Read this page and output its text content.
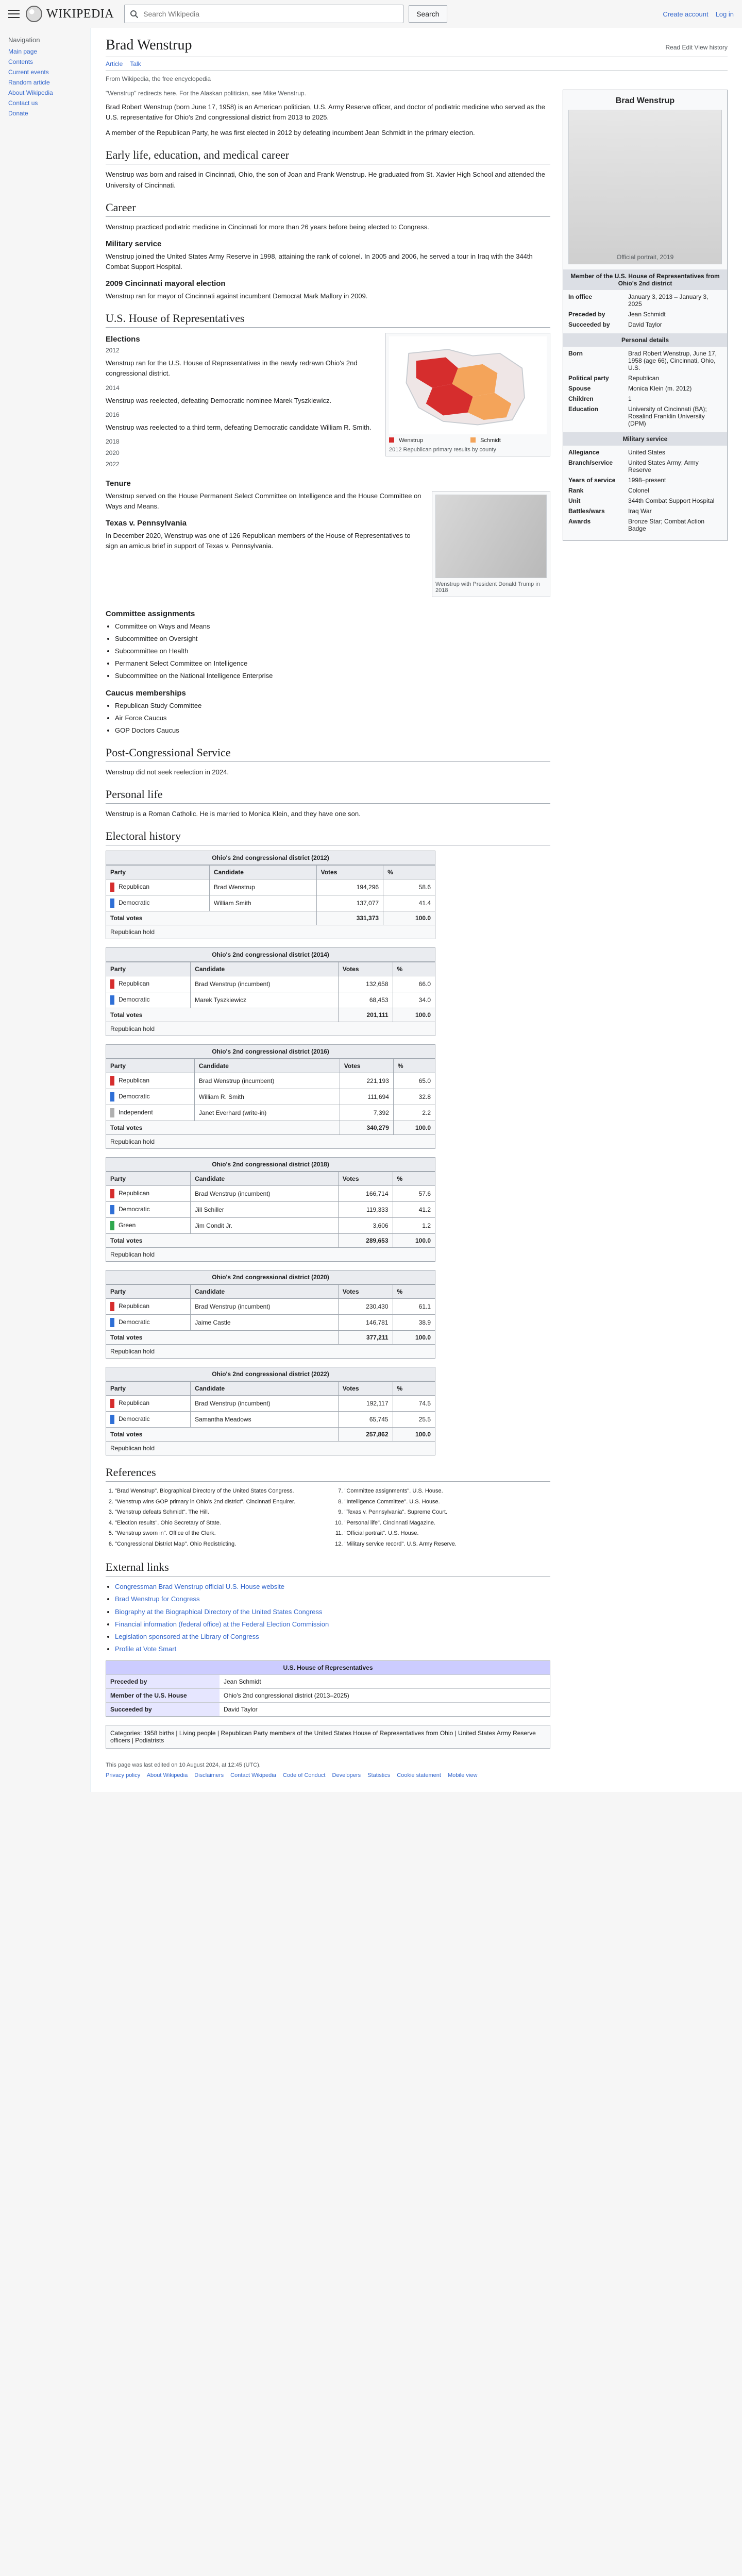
WIKIPEDIA
Search Wikipedia	Search	Create account Log in
Navigation
Main page
Contents
Current events
Random article
About Wikipedia
Contact us
Donate
Brad Wenstrup	Read Edit View history
Article Talk
From Wikipedia, the free encyclopedia
"Wenstrup" redirects here. For the Alaskan politician, see Mike Wenstrup.

Brad Robert Wenstrup (born June 17, 1958) is an American politician, U.S. Army Reserve officer, and doctor of podiatric medicine who served as the U.S. representative for Ohio's 2nd congressional district from 2013 to 2025.

A member of the Republican Party, he was first elected in 2012 by defeating incumbent Jean Schmidt in the primary election.

Early life, education, and medical career

Wenstrup was born and raised in Cincinnati, Ohio, the son of Joan and Frank Wenstrup. He graduated from St. Xavier High School and attended the University of Cincinnati.

Career

Wenstrup practiced podiatric medicine in Cincinnati for more than 26 years before being elected to Congress.

Military service

Wenstrup joined the United States Army Reserve in 1998, attaining the rank of colonel. In 2005 and 2006, he served a tour in Iraq with the 344th Combat Support Hospital.

2009 Cincinnati mayoral election

Wenstrup ran for mayor of Cincinnati against incumbent Democrat Mark Mallory in 2009.

U.S. House of Representatives
Wenstrup	Schmidt
2012 Republican primary results by county
Elections
2012

Wenstrup ran for the U.S. House of Representatives in the newly redrawn Ohio's 2nd congressional district.

2014

Wenstrup was reelected, defeating Democratic nominee Marek Tyszkiewicz.

2016

Wenstrup was reelected to a third term, defeating Democratic candidate William R. Smith.

2018
2020
2022
Tenure
Wenstrup with President Donald Trump in 2018

Wenstrup served on the House Permanent Select Committee on Intelligence and the House Committee on Ways and Means.

Texas v. Pennsylvania

In December 2020, Wenstrup was one of 126 Republican members of the House of Representatives to sign an amicus brief in support of Texas v. Pennsylvania.

Committee assignments
• Committee on Ways and Means
• Subcommittee on Oversight
• Subcommittee on Health
• Permanent Select Committee on Intelligence
• Subcommittee on the National Intelligence Enterprise
Caucus memberships
• Republican Study Committee
• Air Force Caucus
• GOP Doctors Caucus
Post-Congressional Service

Wenstrup did not seek reelection in 2024.

Personal life

Wenstrup is a Roman Catholic. He is married to Monica Klein, and they have one son.

Electoral history
Ohio's 2nd congressional district (2012)
Party	Candidate	Votes	%
Republican	Brad Wenstrup	194,296	58.6
Democratic	William Smith	137,077	41.4
Total votes		331,373	100.0
Republican hold			
Ohio's 2nd congressional district (2014)
Party	Candidate	Votes	%
Republican	Brad Wenstrup (incumbent)	132,658	66.0
Democratic	Marek Tyszkiewicz	68,453	34.0
Total votes		201,111	100.0
Republican hold			
Ohio's 2nd congressional district (2016)
Party	Candidate	Votes	%
Republican	Brad Wenstrup (incumbent)	221,193	65.0
Democratic	William R. Smith	111,694	32.8
Independent	Janet Everhard (write-in)	7,392	2.2
Total votes		340,279	100.0
Republican hold			
Ohio's 2nd congressional district (2018)
Party	Candidate	Votes	%
Republican	Brad Wenstrup (incumbent)	166,714	57.6
Democratic	Jill Schiller	119,333	41.2
Green	Jim Condit Jr.	3,606	1.2
Total votes		289,653	100.0
Republican hold			
Ohio's 2nd congressional district (2020)
Party	Candidate	Votes	%
Republican	Brad Wenstrup (incumbent)	230,430	61.1
Democratic	Jaime Castle	146,781	38.9
Total votes		377,211	100.0
Republican hold			
Ohio's 2nd congressional district (2022)
Party	Candidate	Votes	%
Republican	Brad Wenstrup (incumbent)	192,117	74.5
Democratic	Samantha Meadows	65,745	25.5
Total votes		257,862	100.0
Republican hold			
References
1. "Brad Wenstrup". Biographical Directory of the United States Congress.
2. "Wenstrup wins GOP primary in Ohio's 2nd district". Cincinnati Enquirer.
3. "Wenstrup defeats Schmidt". The Hill.
4. "Election results". Ohio Secretary of State.
5. "Wenstrup sworn in". Office of the Clerk.
6. "Congressional District Map". Ohio Redistricting.
7. "Committee assignments". U.S. House.
8. "Intelligence Committee". U.S. House.
9. "Texas v. Pennsylvania". Supreme Court.
10. "Personal life". Cincinnati Magazine.
11. "Official portrait". U.S. House.
12. "Military service record". U.S. Army Reserve.
External links
• Congressman Brad Wenstrup official U.S. House website
• Brad Wenstrup for Congress
• Biography at the Biographical Directory of the United States Congress
• Financial information (federal office) at the Federal Election Commission
• Legislation sponsored at the Library of Congress
• Profile at Vote Smart
U.S. House of Representatives
Preceded by	Jean Schmidt
Member of the U.S. House	Ohio's 2nd congressional district (2013–2025)
Succeeded by	David Taylor
Categories: 1958 births | Living people | Republican Party members of the United States House of Representatives from Ohio | United States Army Reserve officers | Podiatrists
This page was last edited on 10 August 2024, at 12:45 (UTC).
Privacy policy About Wikipedia Disclaimers Contact Wikipedia Code of Conduct Developers Statistics Cookie statement Mobile view
Brad Wenstrup
Official portrait, 2019
Member of the U.S. House of Representatives from Ohio's 2nd district
In office	January 3, 2013 – January 3, 2025
Preceded by	Jean Schmidt
Succeeded by	David Taylor
Personal details
Born	Brad Robert Wenstrup, June 17, 1958 (age 66), Cincinnati, Ohio, U.S.
Political party	Republican
Spouse	Monica Klein (m. 2012)
Children	1
Education	University of Cincinnati (BA); Rosalind Franklin University (DPM)
Military service
Allegiance	United States
Branch/service	United States Army; Army Reserve
Years of service	1998–present
Rank	Colonel
Unit	344th Combat Support Hospital
Battles/wars	Iraq War
Awards	Bronze Star; Combat Action Badge
